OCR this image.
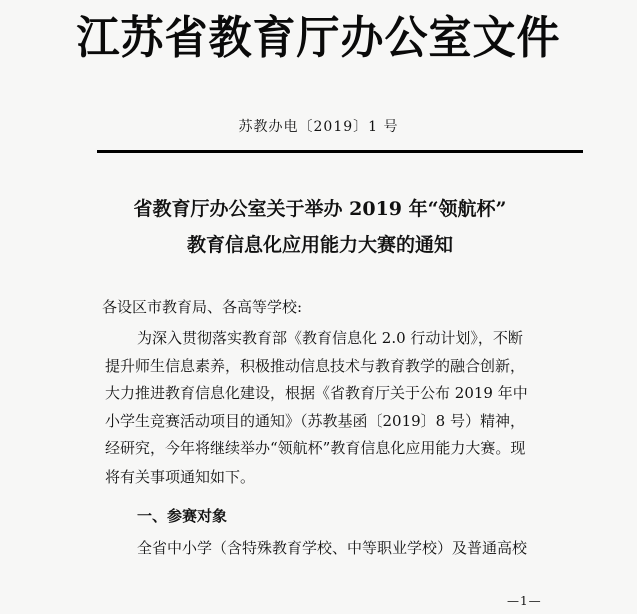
江苏省教育厅办公室文件
苏教办电〔2019〕1 号
省教育厅办公室关于举办 2019 年“领航杯”
教育信息化应用能力大赛的通知
各设区市教育局、各高等学校:
为深入贯彻落实教育部《教育信息化 2.0 行动计划》，不断
提升师生信息素养，积极推动信息技术与教育教学的融合创新，
大力推进教育信息化建设，根据《省教育厅关于公布 2019 年中
小学生竞赛活动项目的通知》（苏教基函〔2019〕8 号）精神，
经研究，今年将继续举办“领航杯”教育信息化应用能力大赛。现
将有关事项通知如下。
一、参赛对象
全省中小学（含特殊教育学校、中等职业学校）及普通高校
—1—
